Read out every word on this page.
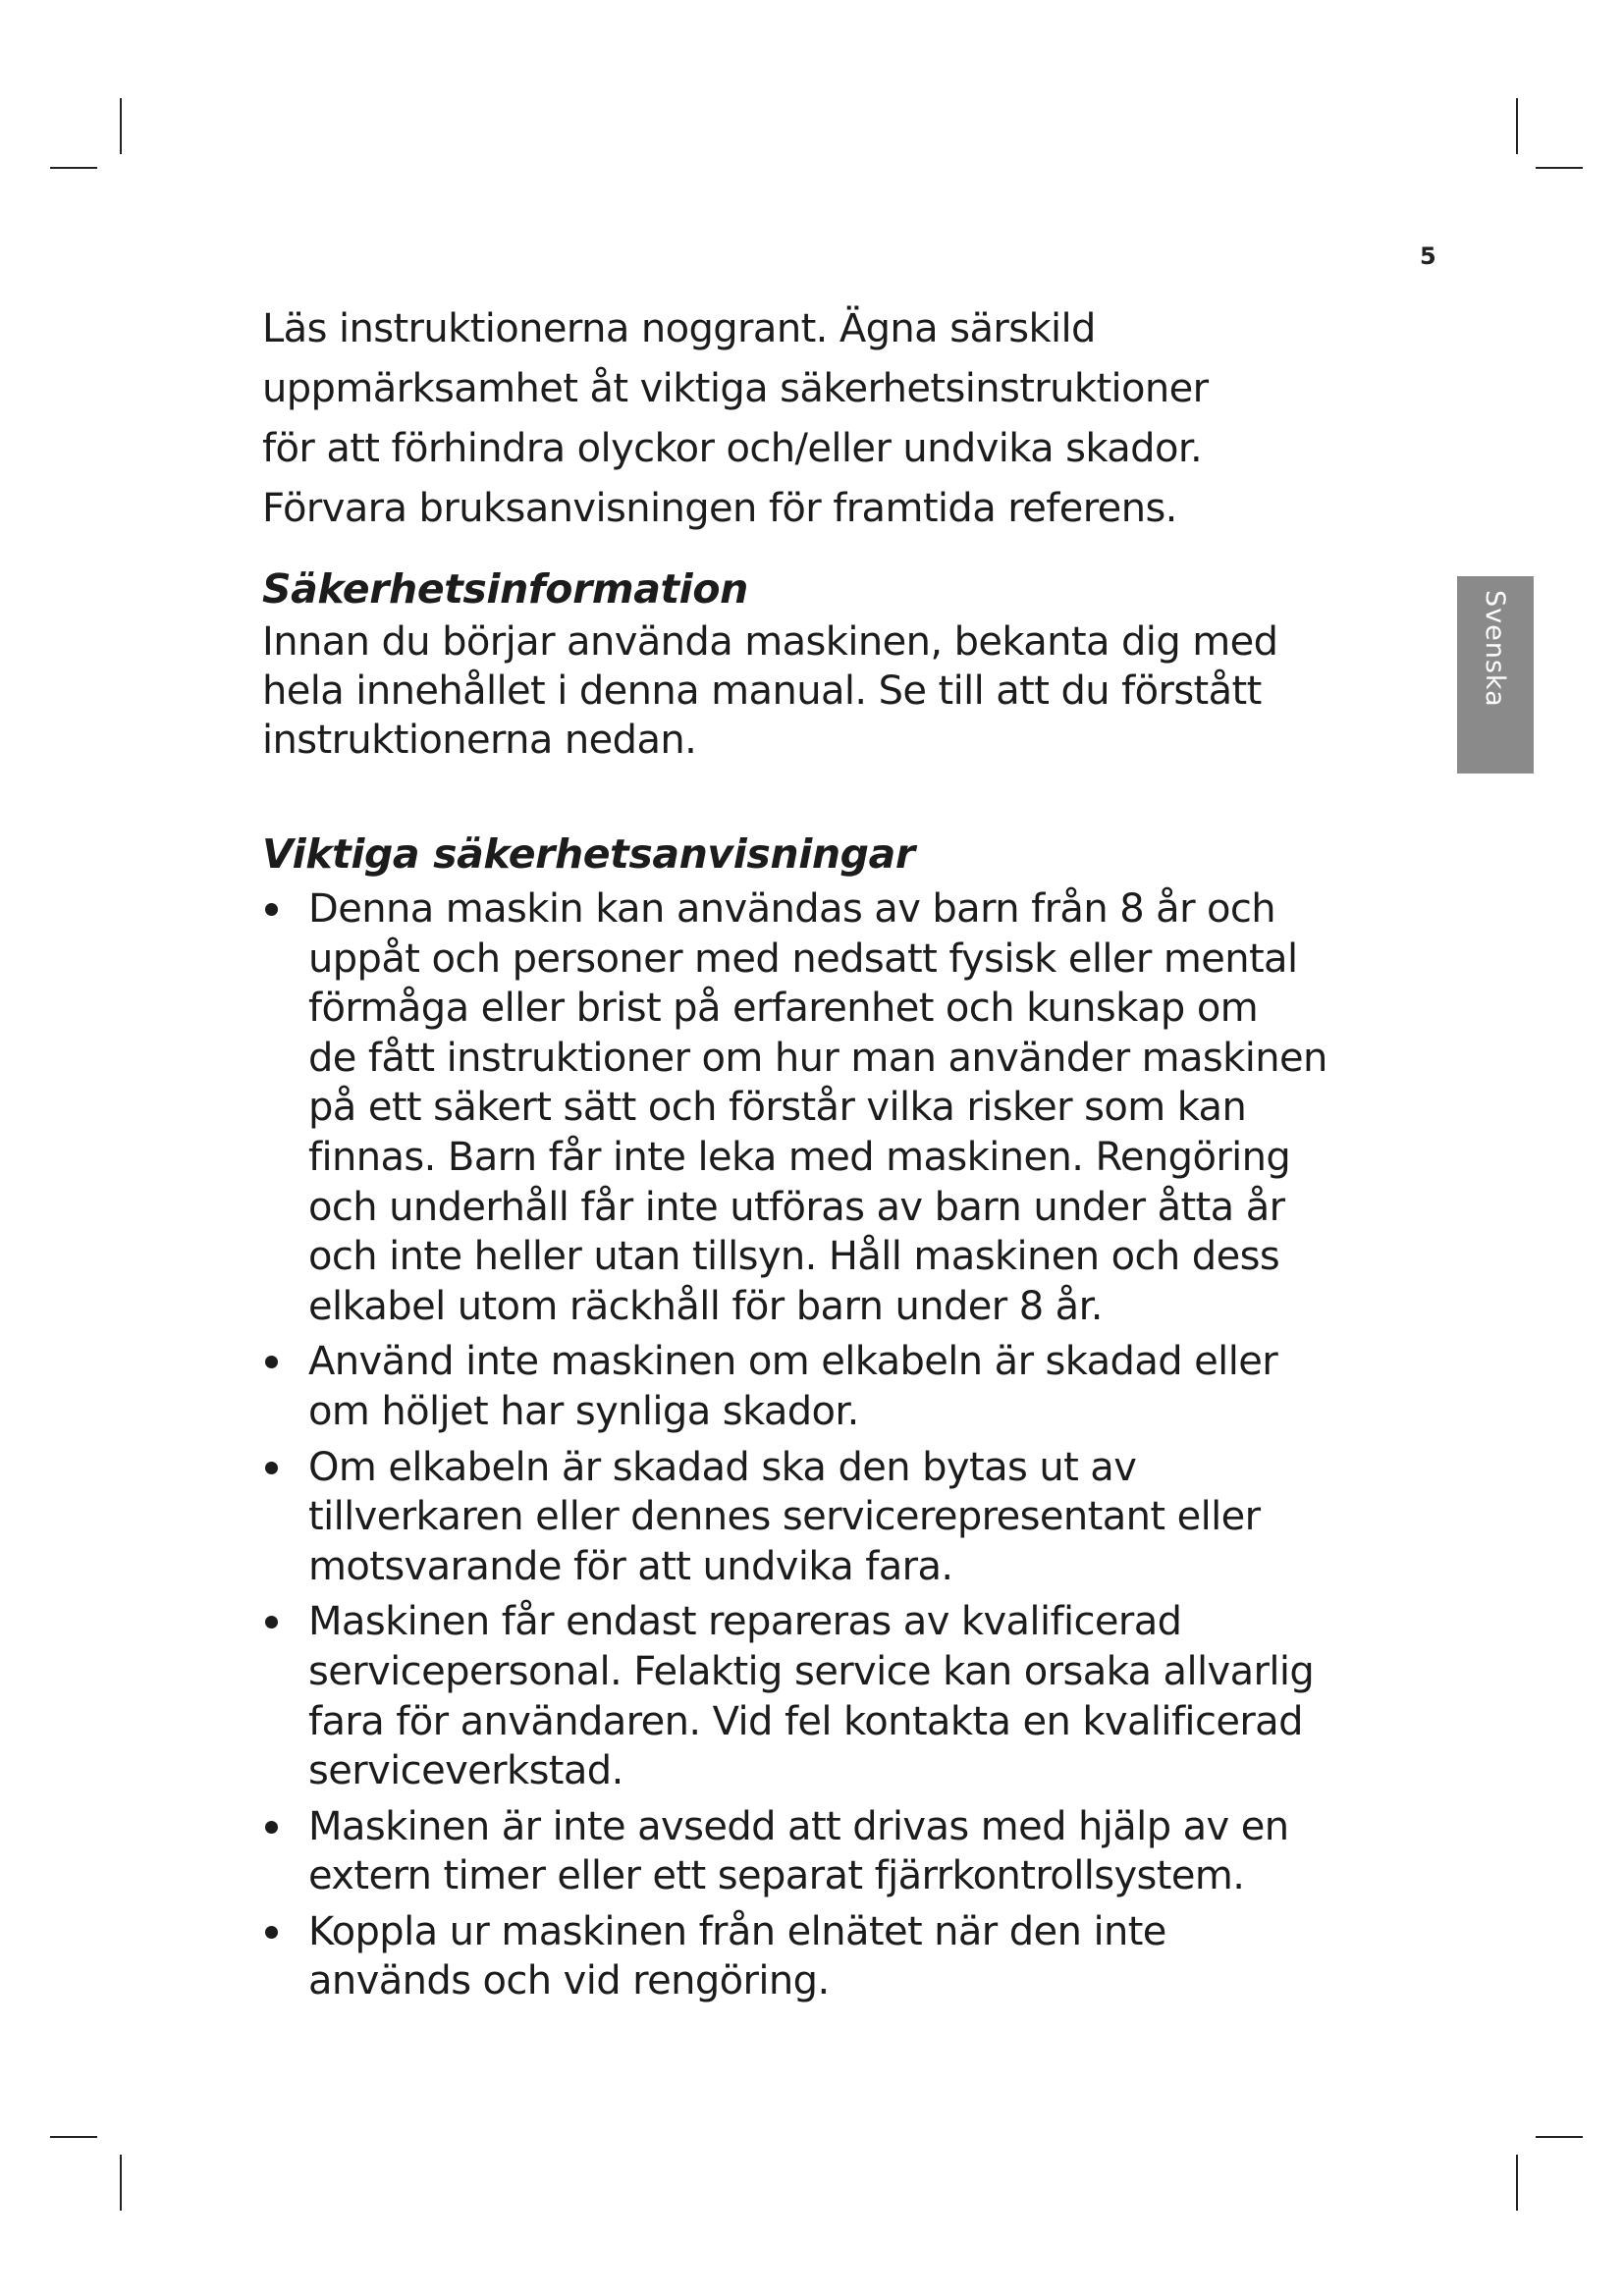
5
Svenska

Läs instruktionerna noggrant. Ägna särskild
uppmärksamhet åt viktiga säkerhetsinstruktioner
för att förhindra olyckor och/eller undvika skador.
Förvara bruksanvisningen för framtida referens.

Säkerhetsinformation

Innan du börjar använda maskinen, bekanta dig med
hela innehållet i denna manual. Se till att du förstått
instruktionerna nedan.

Viktiga säkerhetsanvisningar
Denna maskin kan användas av barn från 8 år och
uppåt och personer med nedsatt fysisk eller mental
förmåga eller brist på erfarenhet och kunskap om
de fått instruktioner om hur man använder maskinen
på ett säkert sätt och förstår vilka risker som kan
finnas. Barn får inte leka med maskinen. Rengöring
och underhåll får inte utföras av barn under åtta år
och inte heller utan tillsyn. Håll maskinen och dess
elkabel utom räckhåll för barn under 8 år.
Använd inte maskinen om elkabeln är skadad eller
om höljet har synliga skador.
Om elkabeln är skadad ska den bytas ut av
tillverkaren eller dennes servicerepresentant eller
motsvarande för att undvika fara.
Maskinen får endast repareras av kvalificerad
servicepersonal. Felaktig service kan orsaka allvarlig
fara för användaren. Vid fel kontakta en kvalificerad
serviceverkstad.
Maskinen är inte avsedd att drivas med hjälp av en
extern timer eller ett separat fjärrkontrollsystem.
Koppla ur maskinen från elnätet när den inte
används och vid rengöring.
